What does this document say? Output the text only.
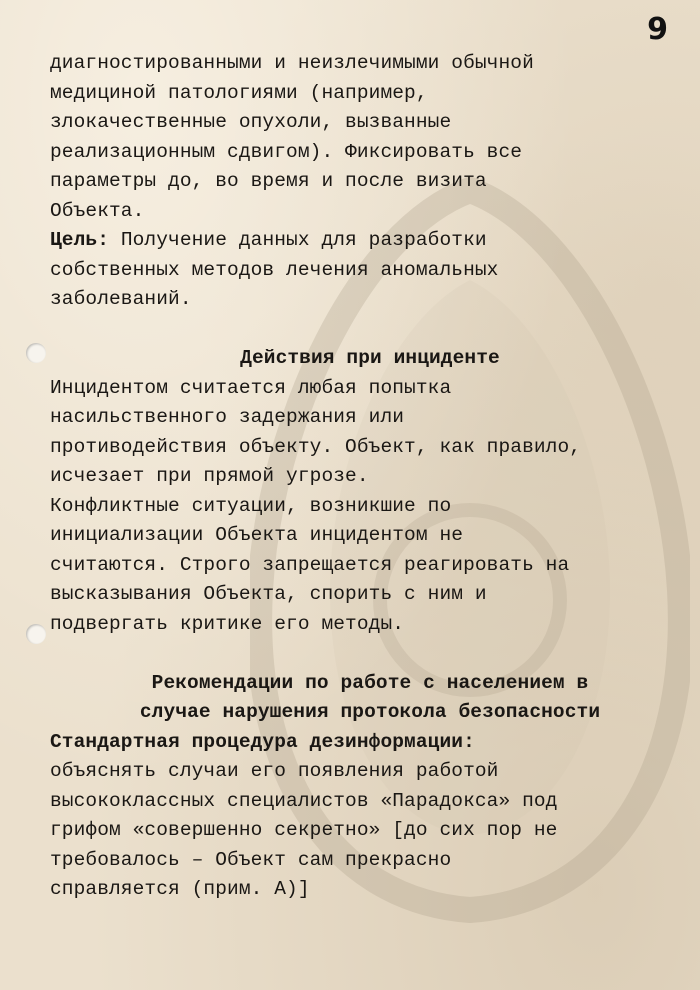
9
диагностированными и неизлечимыми обычной
медициной патологиями (например,
злокачественные опухоли, вызванные
реализационным сдвигом). Фиксировать все
параметры до, во время и после визита
Объекта.
Цель: Получение данных для разработки
собственных методов лечения аномальных
заболеваний.
Действия при инциденте
Инцидентом считается любая попытка
насильственного задержания или
противодействия объекту. Объект, как правило,
исчезает при прямой угрозе.
Конфликтные ситуации, возникшие по
инициализации Объекта инцидентом не
считаются. Строго запрещается реагировать на
высказывания Объекта, спорить с ним и
подвергать критике его методы.
Рекомендации по работе с населением в
случае нарушения протокола безопасности
Стандартная процедура дезинформации:
объяснять случаи его появления работой
высококлассных специалистов «Парадокса» под
грифом «совершенно секретно» [до сих пор не
требовалось – Объект сам прекрасно
справляется (прим. А)]
